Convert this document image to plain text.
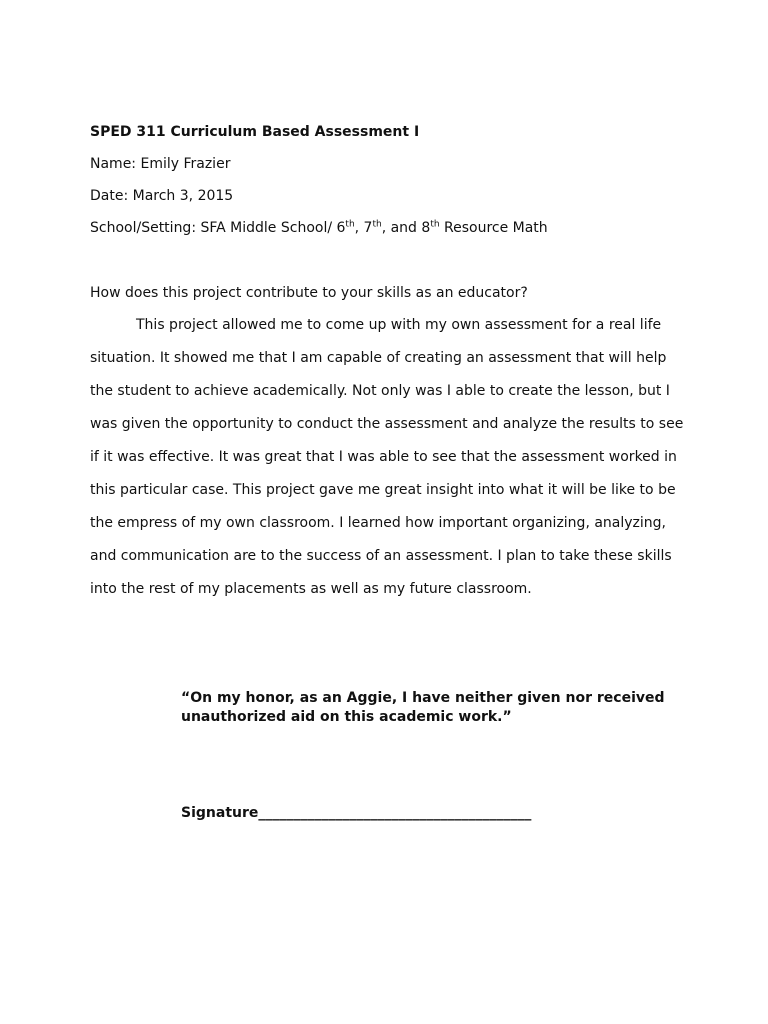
SPED 311 Curriculum Based Assessment I
Name: Emily Frazier
Date: March 3, 2015
School/Setting: SFA Middle School/ 6th, 7th, and 8th Resource Math
How does this project contribute to your skills as an educator?
This project allowed me to come up with my own assessment for a real life
situation. It showed me that I am capable of creating an assessment that will help
the student to achieve academically. Not only was I able to create the lesson, but I
was given the opportunity to conduct the assessment and analyze the results to see
if it was effective. It was great that I was able to see that the assessment worked in
this particular case. This project gave me great insight into what it will be like to be
the empress of my own classroom. I learned how important organizing, analyzing,
and communication are to the success of an assessment. I plan to take these skills
into the rest of my placements as well as my future classroom.
“On my honor, as an Aggie, I have neither given nor received
unauthorized aid on this academic work.”
Signature_______________________________________
